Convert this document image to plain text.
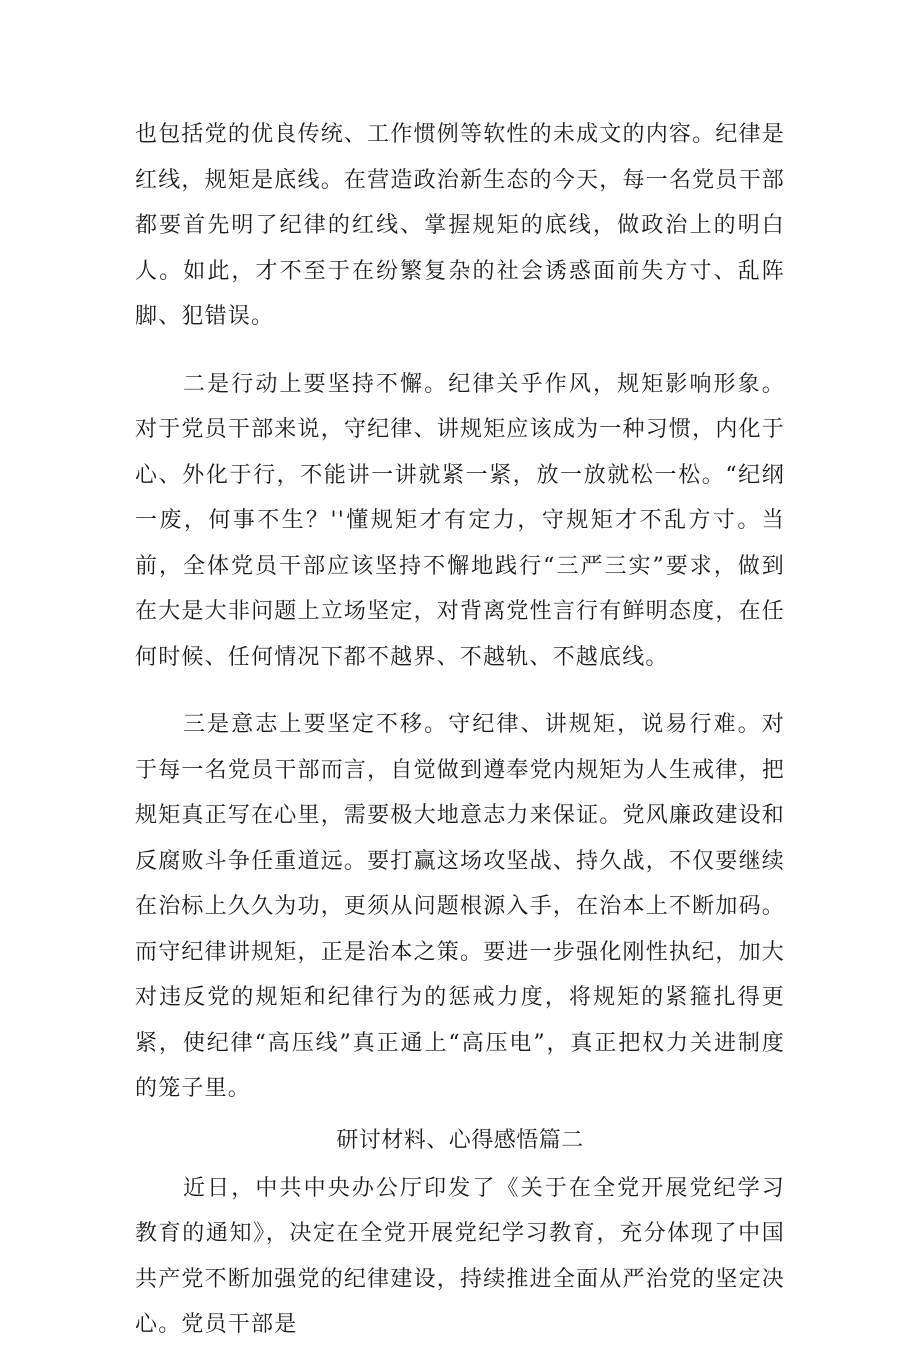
也包括党的优良传统、工作惯例等软性的未成文的内容。纪律是红线，规矩是底线。在营造政治新生态的今天，每一名党员干部都要首先明了纪律的红线、掌握规矩的底线，做政治上的明白人。如此，才不至于在纷繁复杂的社会诱惑面前失方寸、乱阵脚、犯错误。

二是行动上要坚持不懈。纪律关乎作风，规矩影响形象。对于党员干部来说，守纪律、讲规矩应该成为一种习惯，内化于心、外化于行，不能讲一讲就紧一紧，放一放就松一松。“纪纲一废，何事不生？''懂规矩才有定力，守规矩才不乱方寸。当前，全体党员干部应该坚持不懈地践行“三严三实”要求，做到在大是大非问题上立场坚定，对背离党性言行有鲜明态度，在任何时候、任何情况下都不越界、不越轨、不越底线。

三是意志上要坚定不移。守纪律、讲规矩，说易行难。对于每一名党员干部而言，自觉做到遵奉党内规矩为人生戒律，把规矩真正写在心里，需要极大地意志力来保证。党风廉政建设和反腐败斗争任重道远。要打赢这场攻坚战、持久战，不仅要继续在治标上久久为功，更须从问题根源入手，在治本上不断加码。而守纪律讲规矩，正是治本之策。要进一步强化刚性执纪，加大对违反党的规矩和纪律行为的惩戒力度，将规矩的紧箍扎得更紧，使纪律“高压线”真正通上“高压电”，真正把权力关进制度的笼子里。

研讨材料、心得感悟篇二

近日，中共中央办公厅印发了《关于在全党开展党纪学习教育的通知》，决定在全党开展党纪学习教育，充分体现了中国共产党不断加强党的纪律建设，持续推进全面从严治党的坚定决心。党员干部是
